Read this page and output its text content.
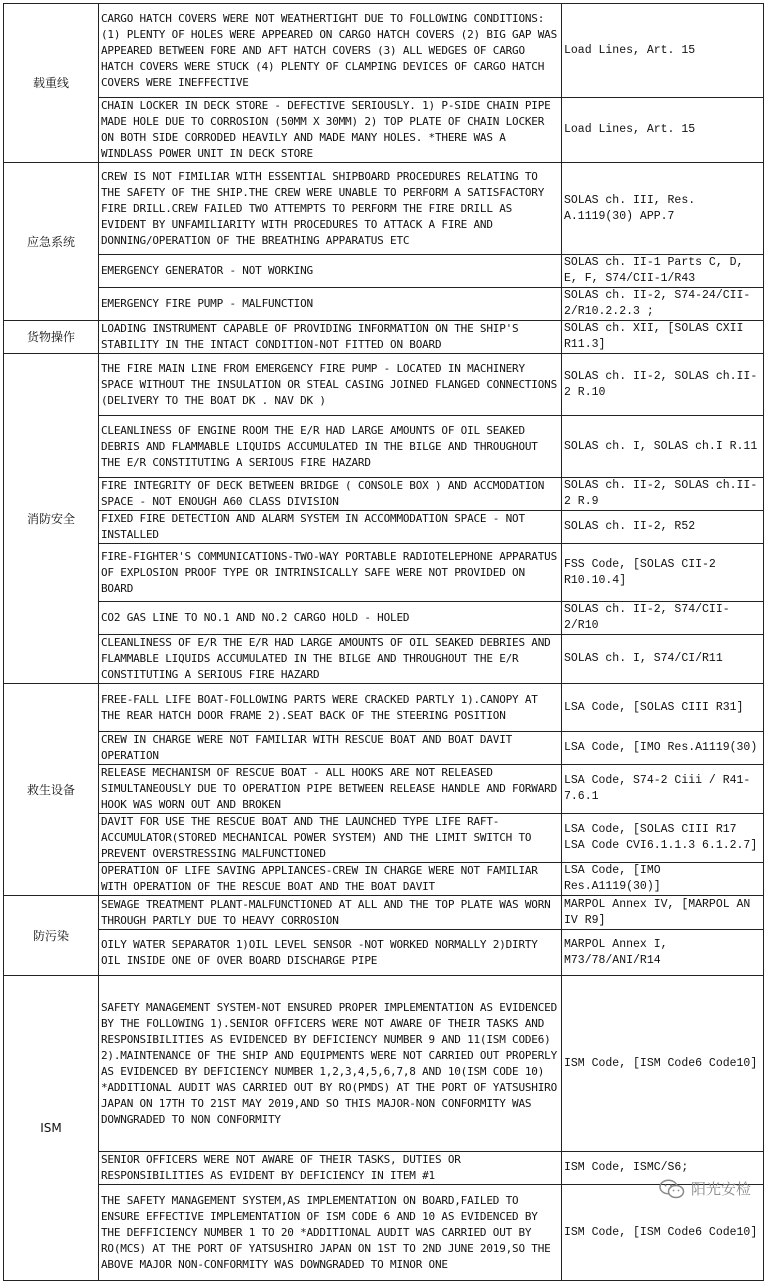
载重线	CARGO HATCH COVERS WERE NOT WEATHERTIGHT DUE TO FOLLOWING CONDITIONS: (1) PLENTY OF HOLES WERE APPEARED ON CARGO HATCH COVERS (2) BIG GAP WAS APPEARED BETWEEN FORE AND AFT HATCH COVERS (3) ALL WEDGES OF CARGO HATCH COVERS WERE STUCK (4) PLENTY OF CLAMPING DEVICES OF CARGO HATCH COVERS WERE INEFFECTIVE	Load Lines, Art. 15
	CHAIN LOCKER IN DECK STORE - DEFECTIVE SERIOUSLY. 1) P-SIDE CHAIN PIPE MADE HOLE DUE TO CORROSION (50MM X 30MM) 2) TOP PLATE OF CHAIN LOCKER ON BOTH SIDE CORRODED HEAVILY AND MADE MANY HOLES. *THERE WAS A WINDLASS POWER UNIT IN DECK STORE	Load Lines, Art. 15
应急系统	CREW IS NOT FIMILIAR WITH ESSENTIAL SHIPBOARD PROCEDURES RELATING TO THE SAFETY OF THE SHIP.THE CREW WERE UNABLE TO PERFORM A SATISFACTORY FIRE DRILL.CREW FAILED TWO ATTEMPTS TO PERFORM THE FIRE DRILL AS EVIDENT BY UNFAMILIARITY WITH PROCEDURES TO ATTACK A FIRE AND DONNING/OPERATION OF THE BREATHING APPARATUS ETC	SOLAS ch. III, Res. A.1119(30) APP.7
	EMERGENCY GENERATOR - NOT WORKING	SOLAS ch. II-1 Parts C, D, E, F, S74/CII-1/R43
	EMERGENCY FIRE PUMP - MALFUNCTION	SOLAS ch. II-2, S74-24/CII-2/R10.2.2.3 ;
货物操作	LOADING INSTRUMENT CAPABLE OF PROVIDING INFORMATION ON THE SHIP'S STABILITY IN THE INTACT CONDITION-NOT FITTED ON BOARD	SOLAS ch. XII, [SOLAS CXII R11.3]
消防安全	THE FIRE MAIN LINE FROM EMERGENCY FIRE PUMP - LOCATED IN MACHINERY SPACE WITHOUT THE INSULATION OR STEAL CASING JOINED FLANGED CONNECTIONS (DELIVERY TO THE BOAT DK . NAV DK )	SOLAS ch. II-2, SOLAS ch.II-2 R.10
	CLEANLINESS OF ENGINE ROOM THE E/R HAD LARGE AMOUNTS OF OIL SEAKED DEBRIS AND FLAMMABLE LIQUIDS ACCUMULATED IN THE BILGE AND THROUGHOUT THE E/R CONSTITUTING A SERIOUS FIRE HAZARD	SOLAS ch. I, SOLAS ch.I R.11
	FIRE INTEGRITY OF DECK BETWEEN BRIDGE ( CONSOLE BOX ) AND ACCMODATION SPACE - NOT ENOUGH A60 CLASS DIVISION	SOLAS ch. II-2, SOLAS ch.II-2 R.9
	FIXED FIRE DETECTION AND ALARM SYSTEM IN ACCOMMODATION SPACE - NOT INSTALLED	SOLAS ch. II-2, R52
	FIRE-FIGHTER'S COMMUNICATIONS-TWO-WAY PORTABLE RADIOTELEPHONE APPARATUS OF EXPLOSION PROOF TYPE OR INTRINSICALLY SAFE WERE NOT PROVIDED ON BOARD	FSS Code, [SOLAS CII-2 R10.10.4]
	CO2 GAS LINE TO NO.1 AND NO.2 CARGO HOLD - HOLED	SOLAS ch. II-2, S74/CII-2/R10
	CLEANLINESS OF E/R THE E/R HAD LARGE AMOUNTS OF OIL SEAKED DEBRIES AND FLAMMABLE LIQUIDS ACCUMULATED IN THE BILGE AND THROUGHOUT THE E/R CONSTITUTING A SERIOUS FIRE HAZARD	SOLAS ch. I, S74/CI/R11
救生设备	FREE-FALL LIFE BOAT-FOLLOWING PARTS WERE CRACKED PARTLY 1).CANOPY AT THE REAR HATCH DOOR FRAME 2).SEAT BACK OF THE STEERING POSITION	LSA Code, [SOLAS CIII R31]
	CREW IN CHARGE WERE NOT FAMILIAR WITH RESCUE BOAT AND BOAT DAVIT OPERATION	LSA Code, [IMO Res.A1119(30)
	RELEASE MECHANISM OF RESCUE BOAT - ALL HOOKS ARE NOT RELEASED SIMULTANEOUSLY DUE TO OPERATION PIPE BETWEEN RELEASE HANDLE AND FORWARD HOOK WAS WORN OUT AND BROKEN	LSA Code, S74-2 Ciii / R41-7.6.1
	DAVIT FOR USE THE RESCUE BOAT AND THE LAUNCHED TYPE LIFE RAFT-ACCUMULATOR(STORED MECHANICAL POWER SYSTEM) AND THE LIMIT SWITCH TO PREVENT OVERSTRESSING MALFUNCTIONED	LSA Code, [SOLAS CIII R17 LSA Code CVI6.1.1.3 6.1.2.7]
	OPERATION OF LIFE SAVING APPLIANCES-CREW IN CHARGE WERE NOT FAMILIAR WITH OPERATION OF THE RESCUE BOAT AND THE BOAT DAVIT	LSA Code, [IMO Res.A1119(30)]
防污染	SEWAGE TREATMENT PLANT-MALFUNCTIONED AT ALL AND THE TOP PLATE WAS WORN THROUGH PARTLY DUE TO HEAVY CORROSION	MARPOL Annex IV, [MARPOL AN IV R9]
	OILY WATER SEPARATOR 1)OIL LEVEL SENSOR -NOT WORKED NORMALLY 2)DIRTY OIL INSIDE ONE OF OVER BOARD DISCHARGE PIPE	MARPOL Annex I, M73/78/ANI/R14
ISM	SAFETY MANAGEMENT SYSTEM-NOT ENSURED PROPER IMPLEMENTATION AS EVIDENCED BY THE FOLLOWING 1).SENIOR OFFICERS WERE NOT AWARE OF THEIR TASKS AND RESPONSIBILITIES AS EVIDENCED BY DEFICIENCY NUMBER 9 AND 11(ISM CODE6) 2).MAINTENANCE OF THE SHIP AND EQUIPMENTS WERE NOT CARRIED OUT PROPERLY AS EVIDENCED BY DEFICIENCY NUMBER 1,2,3,4,5,6,7,8 AND 10(ISM CODE 10) *ADDITIONAL AUDIT WAS CARRIED OUT BY RO(PMDS) AT THE PORT OF YATSUSHIRO JAPAN ON 17TH TO 21ST MAY 2019,AND SO THIS MAJOR-NON CONFORMITY WAS DOWNGRADED TO NON CONFORMITY	ISM Code, [ISM Code6 Code10]
	SENIOR OFFICERS WERE NOT AWARE OF THEIR TASKS, DUTIES OR RESPONSIBILITIES AS EVIDENT BY DEFICIENCY IN ITEM #1	ISM Code, ISMC/S6;
	THE SAFETY MANAGEMENT SYSTEM,AS IMPLEMENTATION ON BOARD,FAILED TO ENSURE EFFECTIVE IMPLEMENTATION OF ISM CODE 6 AND 10 AS EVIDENCED BY THE DEFFICIENCY NUMBER 1 TO 20 *ADDITIONAL AUDIT WAS CARRIED OUT BY RO(MCS) AT THE PORT OF YATSUSHIRO JAPAN ON 1ST TO 2ND JUNE 2019,SO THE ABOVE MAJOR NON-CONFORMITY WAS DOWNGRADED TO MINOR ONE	ISM Code, [ISM Code6 Code10]
阳光安检
